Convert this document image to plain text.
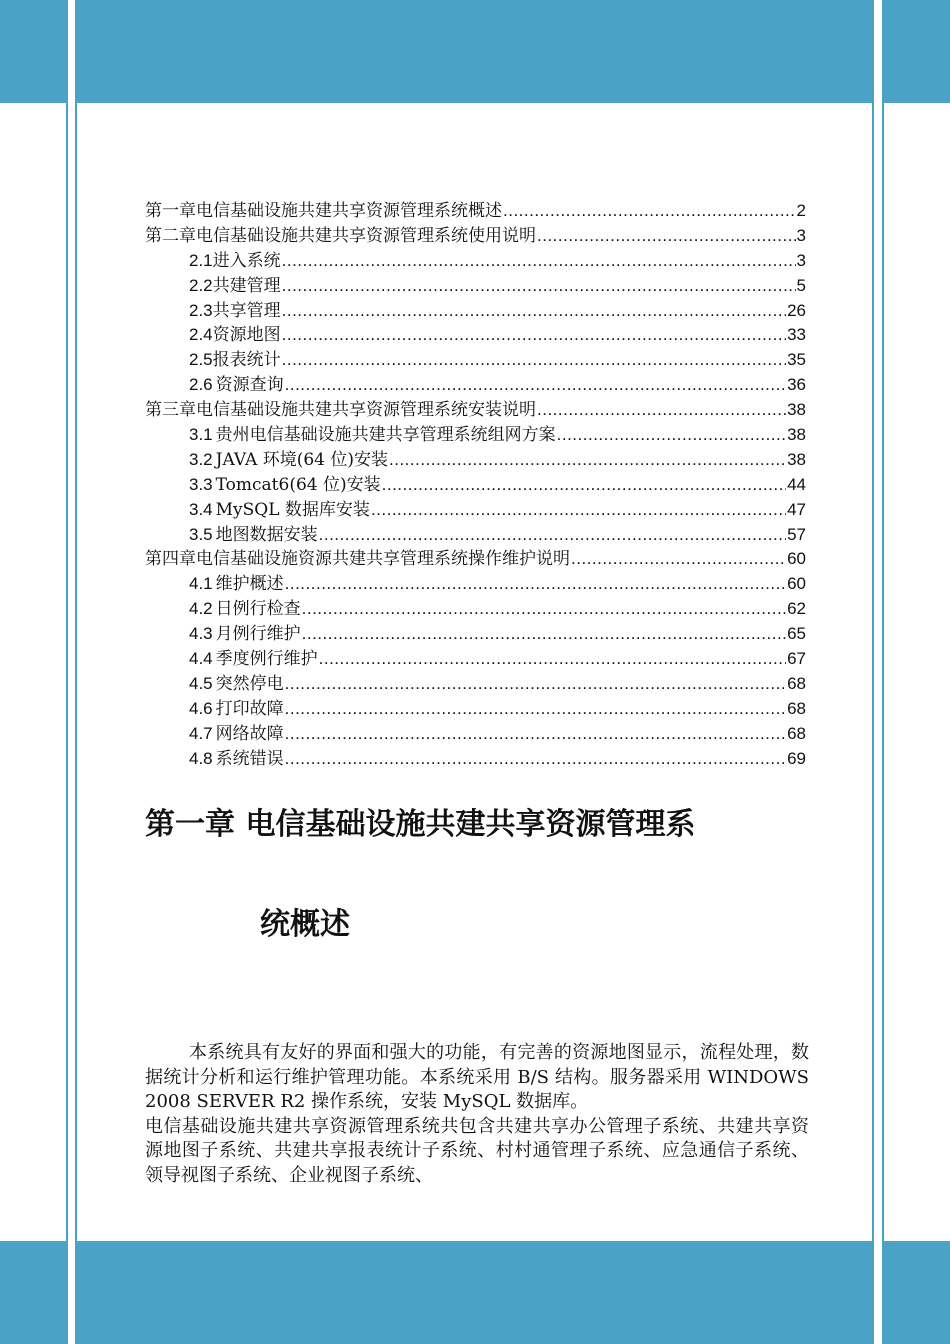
第一章 电信基础设施共建共享资源管理系统概述 .....	2
第二章 电信基础设施共建共享资源管理系统使用说明 .....	3
2.1 进入系统 .....	3
2.2 共建管理 .....	5
2.3 共享管理 .....	26
2.4 资源地图 .....	33
2.5 报表统计 .....	35
2.6 资源查询 .....	36
第三章 电信基础设施共建共享资源管理系统安装说明 .....	38
3.1 贵州电信基础设施共建共享管理系统组网方案 .....	38
3.2 JAVA 环境(64 位)安装 .....	38
3.3 Tomcat6(64 位)安装 .....	44
3.4 MySQL 数据库安装 .....	47
3.5 地图数据安装 .....	57
第四章 电信基础设施资源共建共享管理系统操作维护说明 .....	60
4.1 维护概述 .....	60
4.2 日例行检查 .....	62
4.3 月例行维护 .....	65
4.4 季度例行维护 .....	67
4.5 突然停电 .....	68
4.6 打印故障 .....	68
4.7 网络故障 .....	68
4.8 系统错误 .....	69
第一章 电信基础设施共建共享资源管理系
统概述

本系统具有友好的界面和强大的功能，有完善的资源地图显示，流程处理，数据统计分析和运行维护管理功能。本系统采用 B/S 结构。服务器采用 WINDOWS 2008 SERVER R2 操作系统，安装 MySQL 数据库。

电信基础设施共建共享资源管理系统共包含共建共享办公管理子系统、共建共享资源地图子系统、共建共享报表统计子系统、村村通管理子系统、应急通信子系统、领导视图子系统、企业视图子系统、
